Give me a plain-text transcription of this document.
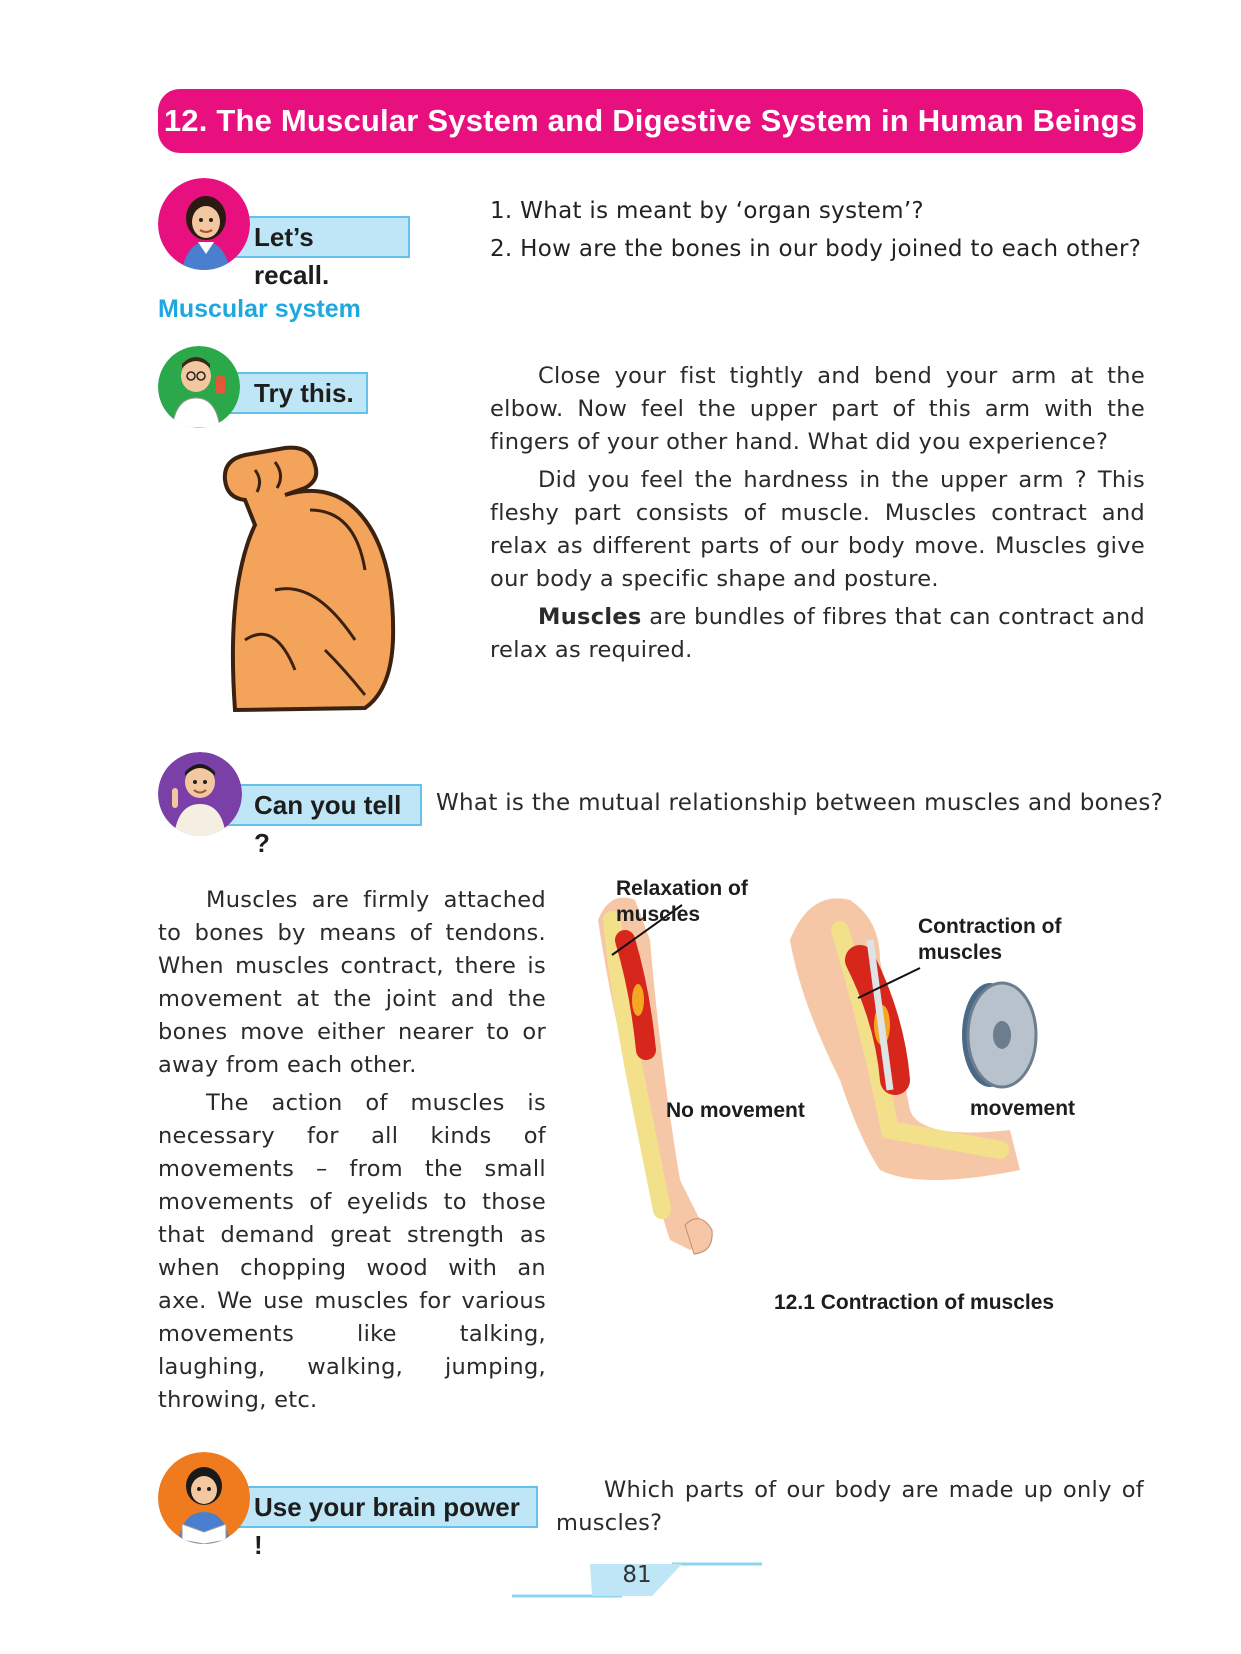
12. The Muscular System and Digestive System in Human Beings
Let’s recall.
1. What is meant by ‘organ system’?
2. How are the bones in our body joined to each other?
Muscular system
Try this.

Close your fist tightly and bend your arm at the elbow. Now feel the upper part of this arm with the fingers of your other hand. What did you experience?

Did you feel the hardness in the upper arm ? This fleshy part consists of muscle. Muscles contract and relax as different parts of our body move. Muscles give our body a specific shape and posture.

Muscles are bundles of fibres that can contract and relax as required.

Can you tell ?
What is the mutual relationship between muscles and bones?

Muscles are firmly attached to bones by means of tendons. When muscles contract, there is movement at the joint and the bones move either nearer to or away from each other.

The action of muscles is necessary for all kinds of movements – from the small movements of eyelids to those that demand great strength as when chopping wood with an axe. We use muscles for various movements like talking, laughing, walking, jumping, throwing, etc.

Relaxation of muscles
Contraction of muscles
No movement	movement
12.1 Contraction of muscles
Use your brain power !

Which parts of our body are made up only of muscles?

81
